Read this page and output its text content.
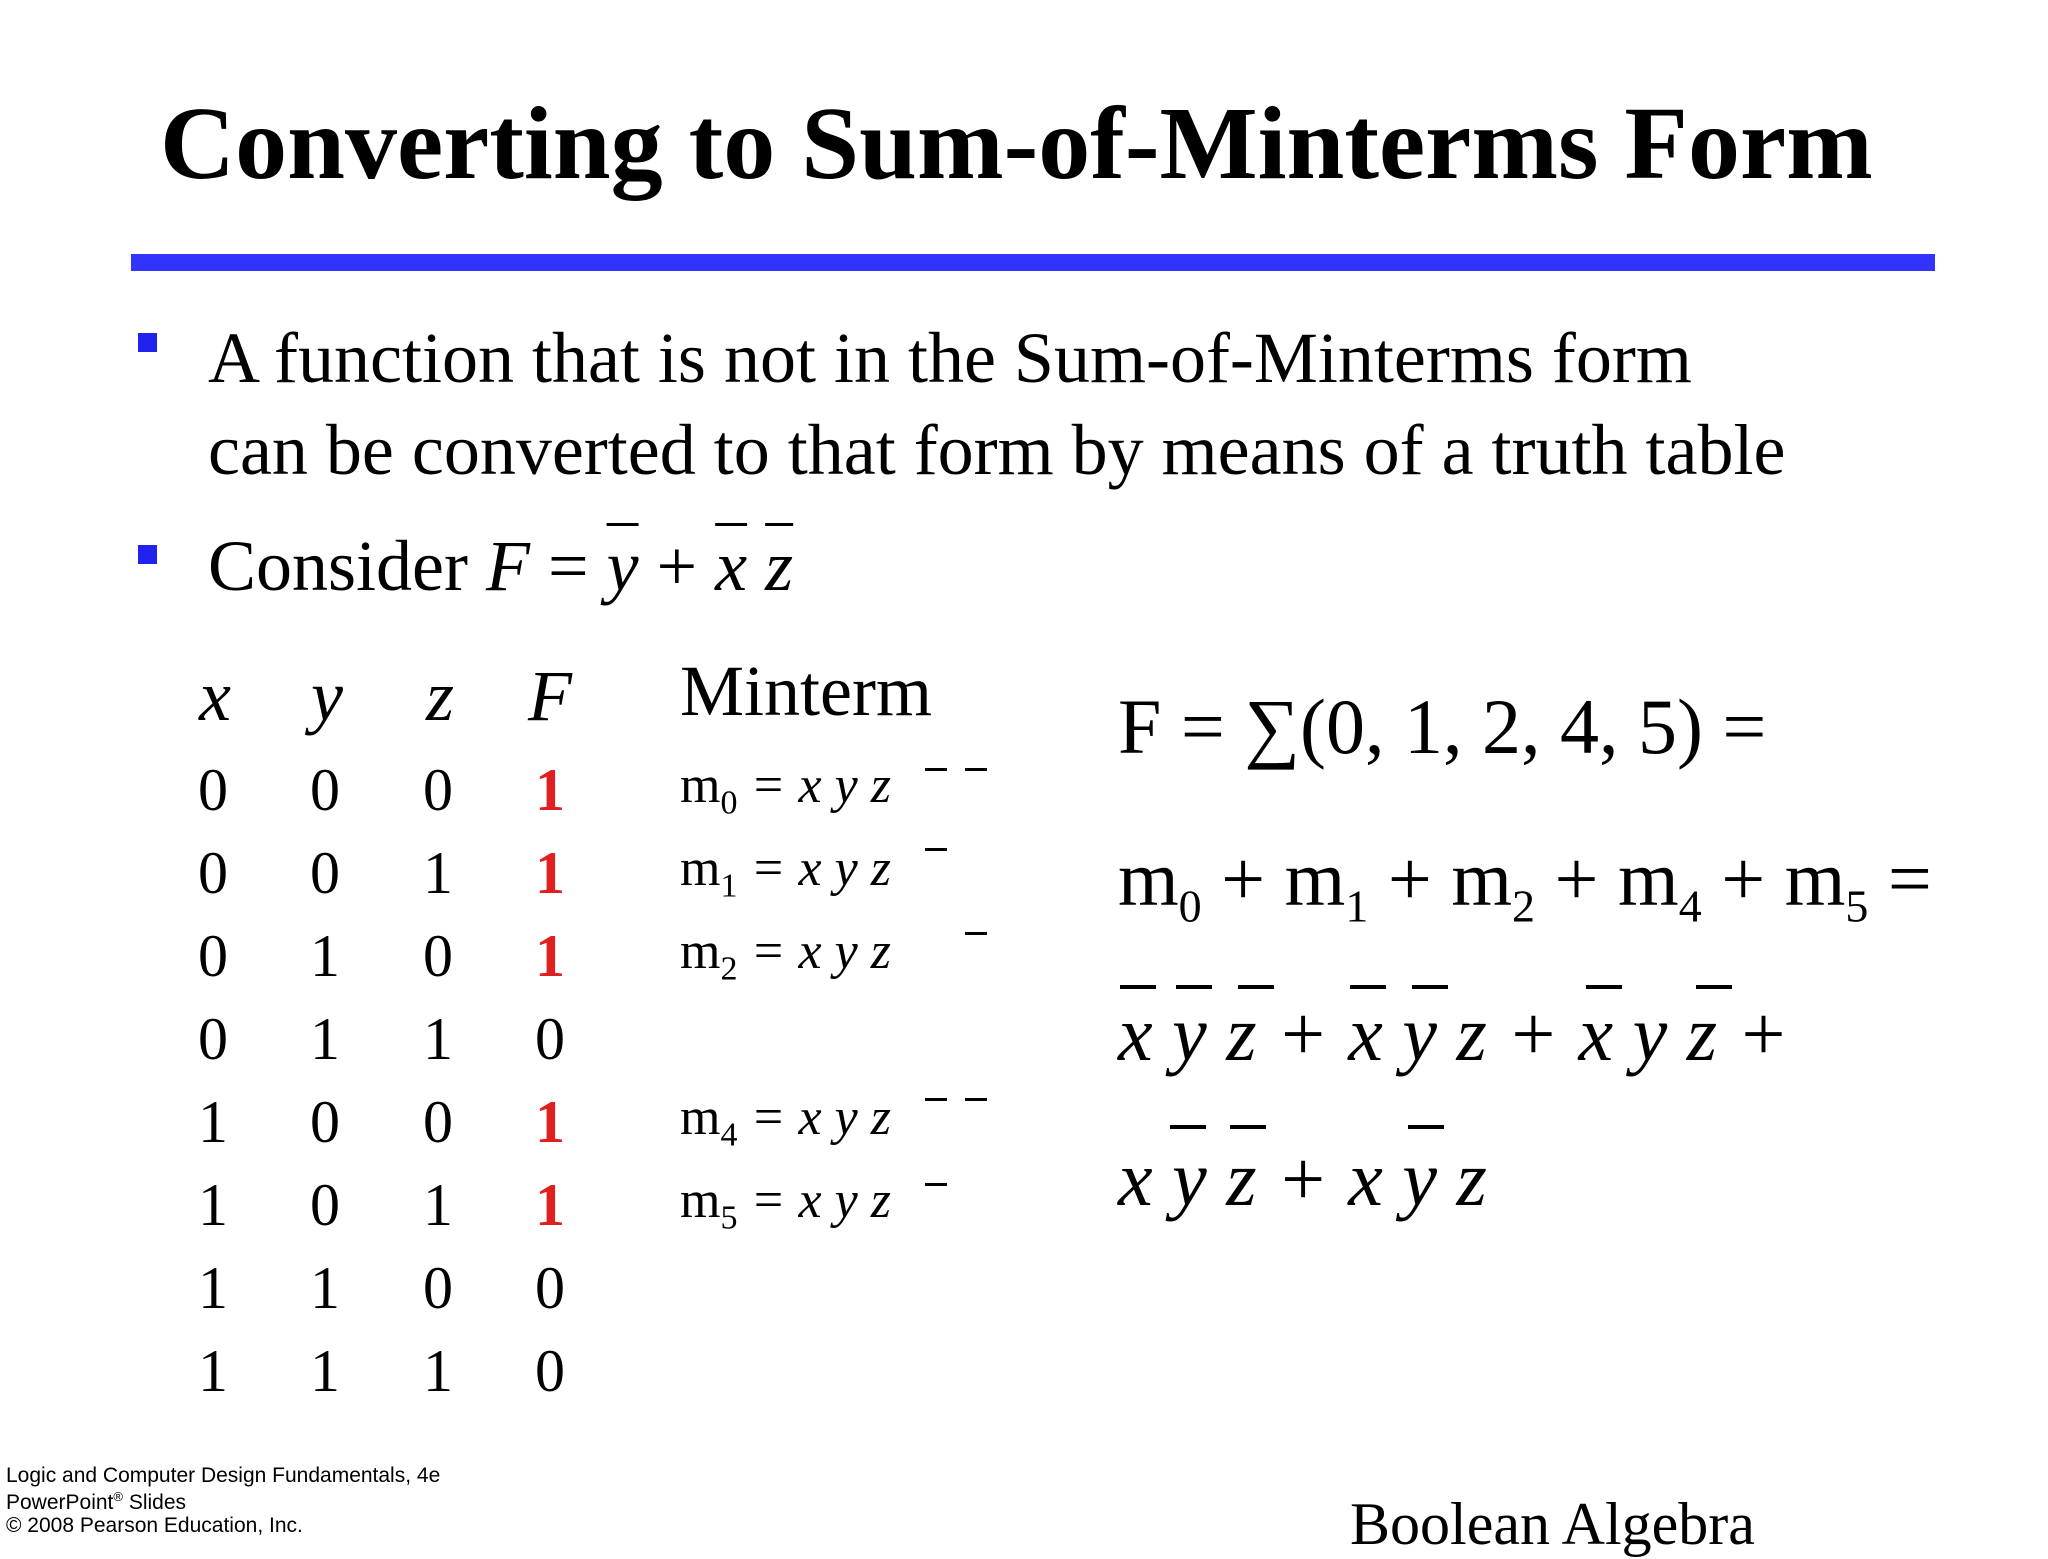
Converting to Sum-of-Minterms Form
A function that is not in the Sum-of-Minterms form
can be converted to that form by means of a truth table
Consider $F = \overline{y} + \overline{x}$ $\overline{z}$
x y z F Minterm
0 0 0 1
0 0 1 1
0 1 0 1
0 1 1 0
1 0 0 1
1 0 1 1
1 1 0 0
1 1 1 0
$m_0 = x$ y z
$m_1 = x$ y z
$m_2 = x$ y z
$m_4 = x$ y z
$m_5 = x$ y z
F = ∑(0, 1, 2, 4, 5) =
$m_0 + m_1 + m_2 + m_4 + m_5$ =
x y z + x y z + x y z +
x y z + x y z
Logic and Computer Design Fundamentals, 4e
PowerPoint® Slides
© 2008 Pearson Education, Inc.	Boolean Algebra
